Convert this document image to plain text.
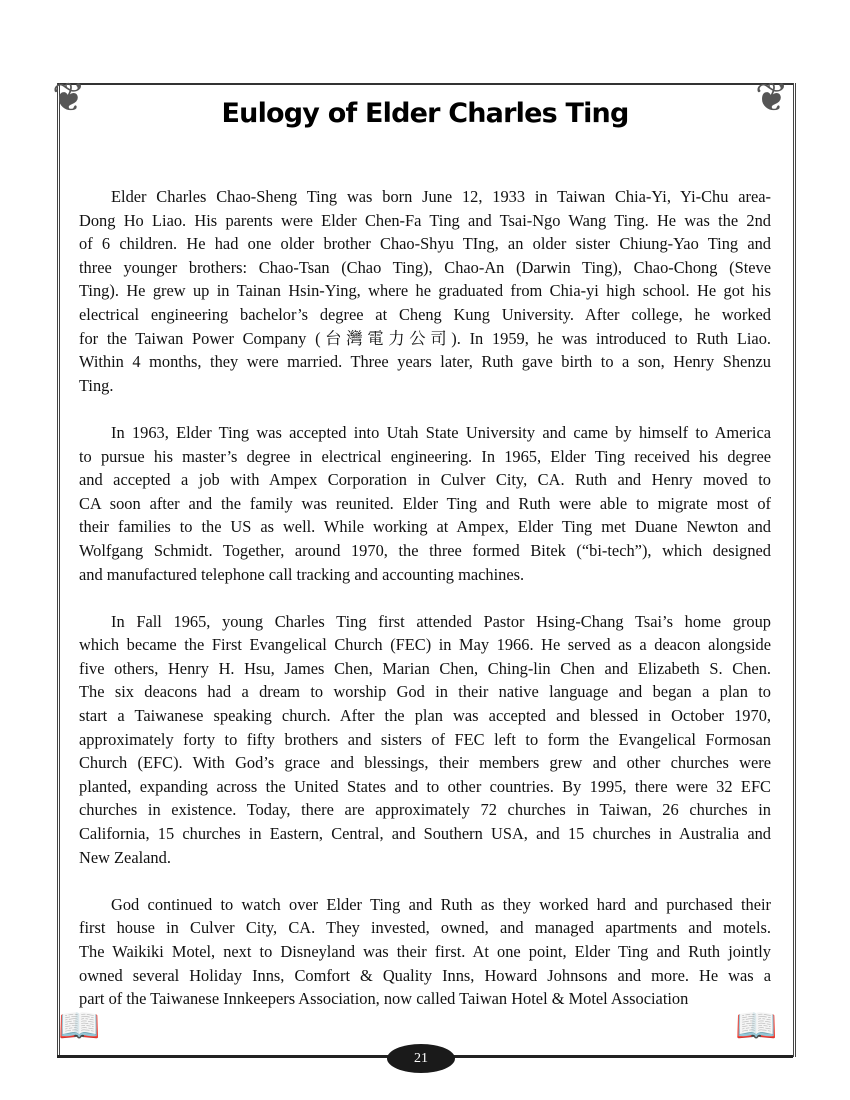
❦	❦
📖	📖
Eulogy of Elder Charles Ting
Elder Charles Chao-Sheng Ting was born June 12, 1933 in Taiwan Chia-Yi, Yi-Chu area-
Dong Ho Liao. His parents were Elder Chen-Fa Ting and Tsai-Ngo Wang Ting. He was the 2nd
of 6 children. He had one older brother Chao-Shyu TIng, an older sister Chiung-Yao Ting and
three younger brothers: Chao-Tsan (Chao Ting), Chao-An (Darwin Ting), Chao-Chong (Steve
Ting). He grew up in Tainan Hsin-Ying, where he graduated from Chia-yi high school. He got his
electrical engineering bachelor’s degree at Cheng Kung University. After college, he worked
for the Taiwan Power Company (台灣電力公司). In 1959, he was introduced to Ruth Liao.
Within 4 months, they were married. Three years later, Ruth gave birth to a son, Henry Shenzu
Ting.
In 1963, Elder Ting was accepted into Utah State University and came by himself to America
to pursue his master’s degree in electrical engineering. In 1965, Elder Ting received his degree
and accepted a job with Ampex Corporation in Culver City, CA. Ruth and Henry moved to
CA soon after and the family was reunited. Elder Ting and Ruth were able to migrate most of
their families to the US as well. While working at Ampex, Elder Ting met Duane Newton and
Wolfgang Schmidt. Together, around 1970, the three formed Bitek (“bi-tech”), which designed
and manufactured telephone call tracking and accounting machines.
In Fall 1965, young Charles Ting first attended Pastor Hsing-Chang Tsai’s home group
which became the First Evangelical Church (FEC) in May 1966. He served as a deacon alongside
five others, Henry H. Hsu, James Chen, Marian Chen, Ching-lin Chen and Elizabeth S. Chen.
The six deacons had a dream to worship God in their native language and began a plan to
start a Taiwanese speaking church. After the plan was accepted and blessed in October 1970,
approximately forty to fifty brothers and sisters of FEC left to form the Evangelical Formosan
Church (EFC). With God’s grace and blessings, their members grew and other churches were
planted, expanding across the United States and to other countries. By 1995, there were 32 EFC
churches in existence. Today, there are approximately 72 churches in Taiwan, 26 churches in
California, 15 churches in Eastern, Central, and Southern USA, and 15 churches in Australia and
New Zealand.
God continued to watch over Elder Ting and Ruth as they worked hard and purchased their
first house in Culver City, CA. They invested, owned, and managed apartments and motels.
The Waikiki Motel, next to Disneyland was their first. At one point, Elder Ting and Ruth jointly
owned several Holiday Inns, Comfort & Quality Inns, Howard Johnsons and more. He was a
part of the Taiwanese Innkeepers Association, now called Taiwan Hotel & Motel Association
21
